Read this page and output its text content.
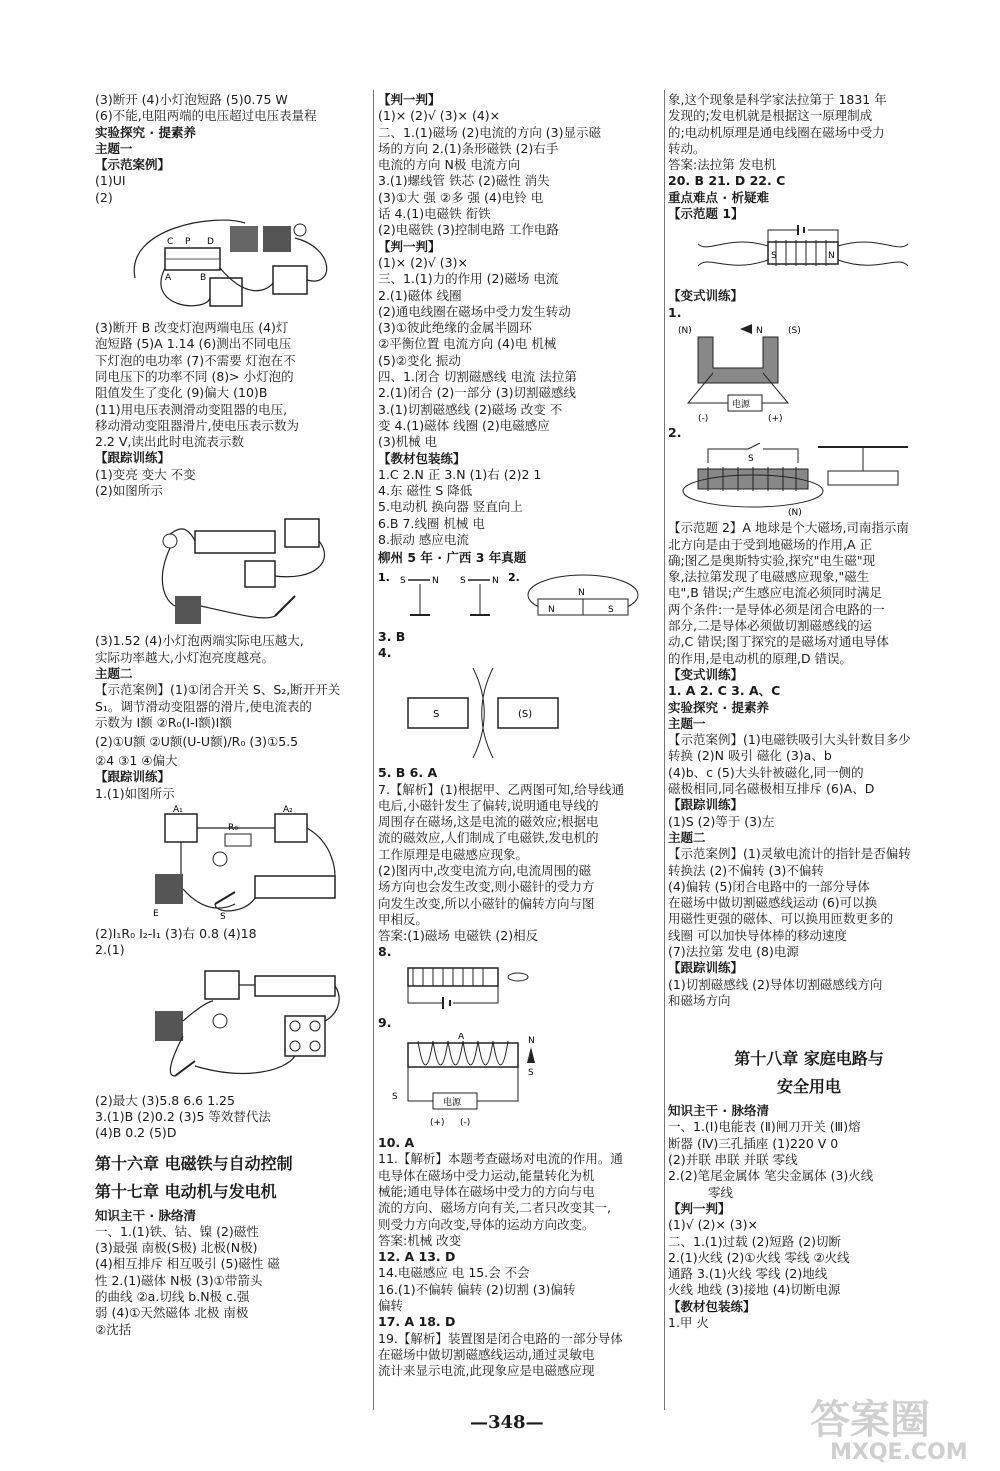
(3)断开 (4)小灯泡短路 (5)0.75 W
(6)不能,电阻两端的电压超过电压表量程
实验探究 · 提素养
主题一
【示范案例】
(1)UI
(2)
C P D
A	B
(3)断开 B 改变灯泡两端电压 (4)灯
泡短路 (5)A 1.14 (6)测出不同电压
下灯泡的电功率 (7)不需要 灯泡在不
同电压下的功率不同 (8)> 小灯泡的
阻值发生了变化 (9)偏大 (10)B
(11)用电压表测滑动变阻器的电压,
移动滑动变阻器滑片,使电压表示数为
2.2 V,读出此时电流表示数
【跟踪训练】
(1)变亮 变大 不变
(2)如图所示
(3)1.52 (4)小灯泡两端实际电压越大,
实际功率越大,小灯泡亮度越亮。
主题二
【示范案例】(1)①闭合开关 S、S₂,断开开关
S₁。调节滑动变阻器的滑片,使电流表的
示数为 I额 ②R₀(I-I额)I额
(2)①U额 ②U额(U-U额)/R₀ (3)①5.5
②4 ③1 ④偏大
【跟踪训练】
1.(1)如图所示
A₁
R₀
A₂
E	S
(2)I₁R₀ I₂-I₁ (3)右 0.8 (4)18
2.(1)
(2)最大 (3)5.8 6.6 1.25
3.(1)B (2)0.2 (3)5 等效替代法
(4)B 0.2 (5)D
第十六章 电磁铁与自动控制
第十七章 电动机与发电机
知识主干 · 脉络清
一、1.(1)铁、钴、镍 (2)磁性
(3)最强 南极(S极) 北极(N极)
(4)相互排斥 相互吸引 (5)磁性 磁
性 2.(1)磁体 N极 (3)①带箭头
的曲线 ②a.切线 b.N极 c.强
弱 (4)①天然磁体 北极 南极
②沈括
【判一判】
(1)× (2)√ (3)× (4)×
二、1.(1)磁场 (2)电流的方向 (3)显示磁
场的方向 2.(1)条形磁铁 (2)右手
电流的方向 N极 电流方向
3.(1)螺线管 铁芯 (2)磁性 消失
(3)①大 强 ②多 强 (4)电铃 电
话 4.(1)电磁铁 衔铁
(2)电磁铁 (3)控制电路 工作电路
【判一判】
(1)× (2)√ (3)×
三、1.(1)力的作用 (2)磁场 电流
2.(1)磁体 线圈
(2)通电线圈在磁场中受力发生转动
(3)①彼此绝缘的金属半圆环
②平衡位置 电流方向 (4)电 机械
(5)②变化 振动
四、1.闭合 切割磁感线 电流 法拉第
2.(1)闭合 (2)一部分 (3)切割磁感线
3.(1)切割磁感线 (2)磁场 改变 不
变 4.(1)磁体 线圈 (2)电磁感应
(3)机械 电
【教材包装练】
1.C 2.N 正 3.N (1)右 (2)2 1
4.东 磁性 S 降低
5.电动机 换向器 竖直向上
6.B 7.线圈 机械 电
8.振动 感应电流
柳州 5 年 · 广西 3 年真题
1. S	N S	N 2.
N
N	S
3. B
4.
S	(S)
5. B 6. A
7.【解析】(1)根据甲、乙两图可知,给导线通
电后,小磁针发生了偏转,说明通电导线的
周围存在磁场,这是电流的磁效应;根据电
流的磁效应,人们制成了电磁铁,发电机的
工作原理是电磁感应现象。
(2)图丙中,改变电流方向,电流周围的磁
场方向也会发生改变,则小磁针的受力方
向发生改变,所以小磁针的偏转方向与图
甲相反。
答案:(1)磁场 电磁铁 (2)相反
8.
9.
A	N
S
S
电源
(+) (-)
10. A
11.【解析】本题考查磁场对电流的作用。通
电导体在磁场中受力运动,能量转化为机
械能;通电导体在磁场中受力的方向与电
流的方向、磁场方向有关,二者只改变其一,
则受力方向改变,导体的运动方向改变。
答案:机械 改变
12. A 13. D
14.电磁感应 电 15.会 不会
16.(1)不偏转 偏转 (2)切割 (3)偏转
偏转
17. A 18. D
19.【解析】装置图是闭合电路的一部分导体
在磁场中做切割磁感线运动,通过灵敏电
流计来显示电流,此现象应是电磁感应现
象,这个现象是科学家法拉第于 1831 年
发现的;发电机就是根据这一原理制成
的;电动机原理是通电线圈在磁场中受力
转动。
答案:法拉第 发电机
20. B 21. D 22. C
重点难点 · 析疑难
【示范题 1】
S	N
【变式训练】
1.
(N)	N	(S)
电源
(-)	(+)
2.
S
(N)
【示范题 2】A 地球是个大磁场,司南指示南
北方向是由于受到地磁场的作用,A 正
确;图乙是奥斯特实验,探究"电生磁"现
象,法拉第发现了电磁感应现象,"磁生
电",B 错误;产生感应电流必须同时满足
两个条件:一是导体必须是闭合电路的一
部分,二是导体必须做切割磁感线的运
动,C 错误;图丁探究的是磁场对通电导体
的作用,是电动机的原理,D 错误。
【变式训练】
1. A 2. C 3. A、C
实验探究 · 提素养
主题一
【示范案例】(1)电磁铁吸引大头针数目多少
转换 (2)N 吸引 磁化 (3)a、b
(4)b、c (5)大头针被磁化,同一侧的
磁极相同,同名磁极相互排斥 (6)A、D
【跟踪训练】
(1)S (2)等于 (3)左
主题二
【示范案例】(1)灵敏电流计的指针是否偏转
转换法 (2)不偏转 (3)不偏转
(4)偏转 (5)闭合电路中的一部分导体
在磁场中做切割磁感线运动 (6)可以换
用磁性更强的磁体、可以换用匝数更多的
线圈 可以加快导体棒的移动速度
(7)法拉第 发电 (8)电源
【跟踪训练】
(1)切割磁感线 (2)导体切割磁感线方向
和磁场方向
第十八章 家庭电路与
安全用电
知识主干 · 脉络清
一、1.(Ⅰ)电能表 (Ⅱ)闸刀开关 (Ⅲ)熔
断器 (Ⅳ)三孔插座 (1)220 V 0
(2)并联 串联 并联 零线
2.(2)笔尾金属体 笔尖金属体 (3)火线
零线
【判一判】
(1)√ (2)× (3)×
二、1.(1)过载 (2)短路 (2)切断
2.(1)火线 (2)①火线 零线 ②火线
通路 3.(1)火线 零线 (2)地线
火线 地线 (3)接地 (4)切断电源
【教材包装练】
1.甲 火
—348—	答案圈
MXQE.COM
